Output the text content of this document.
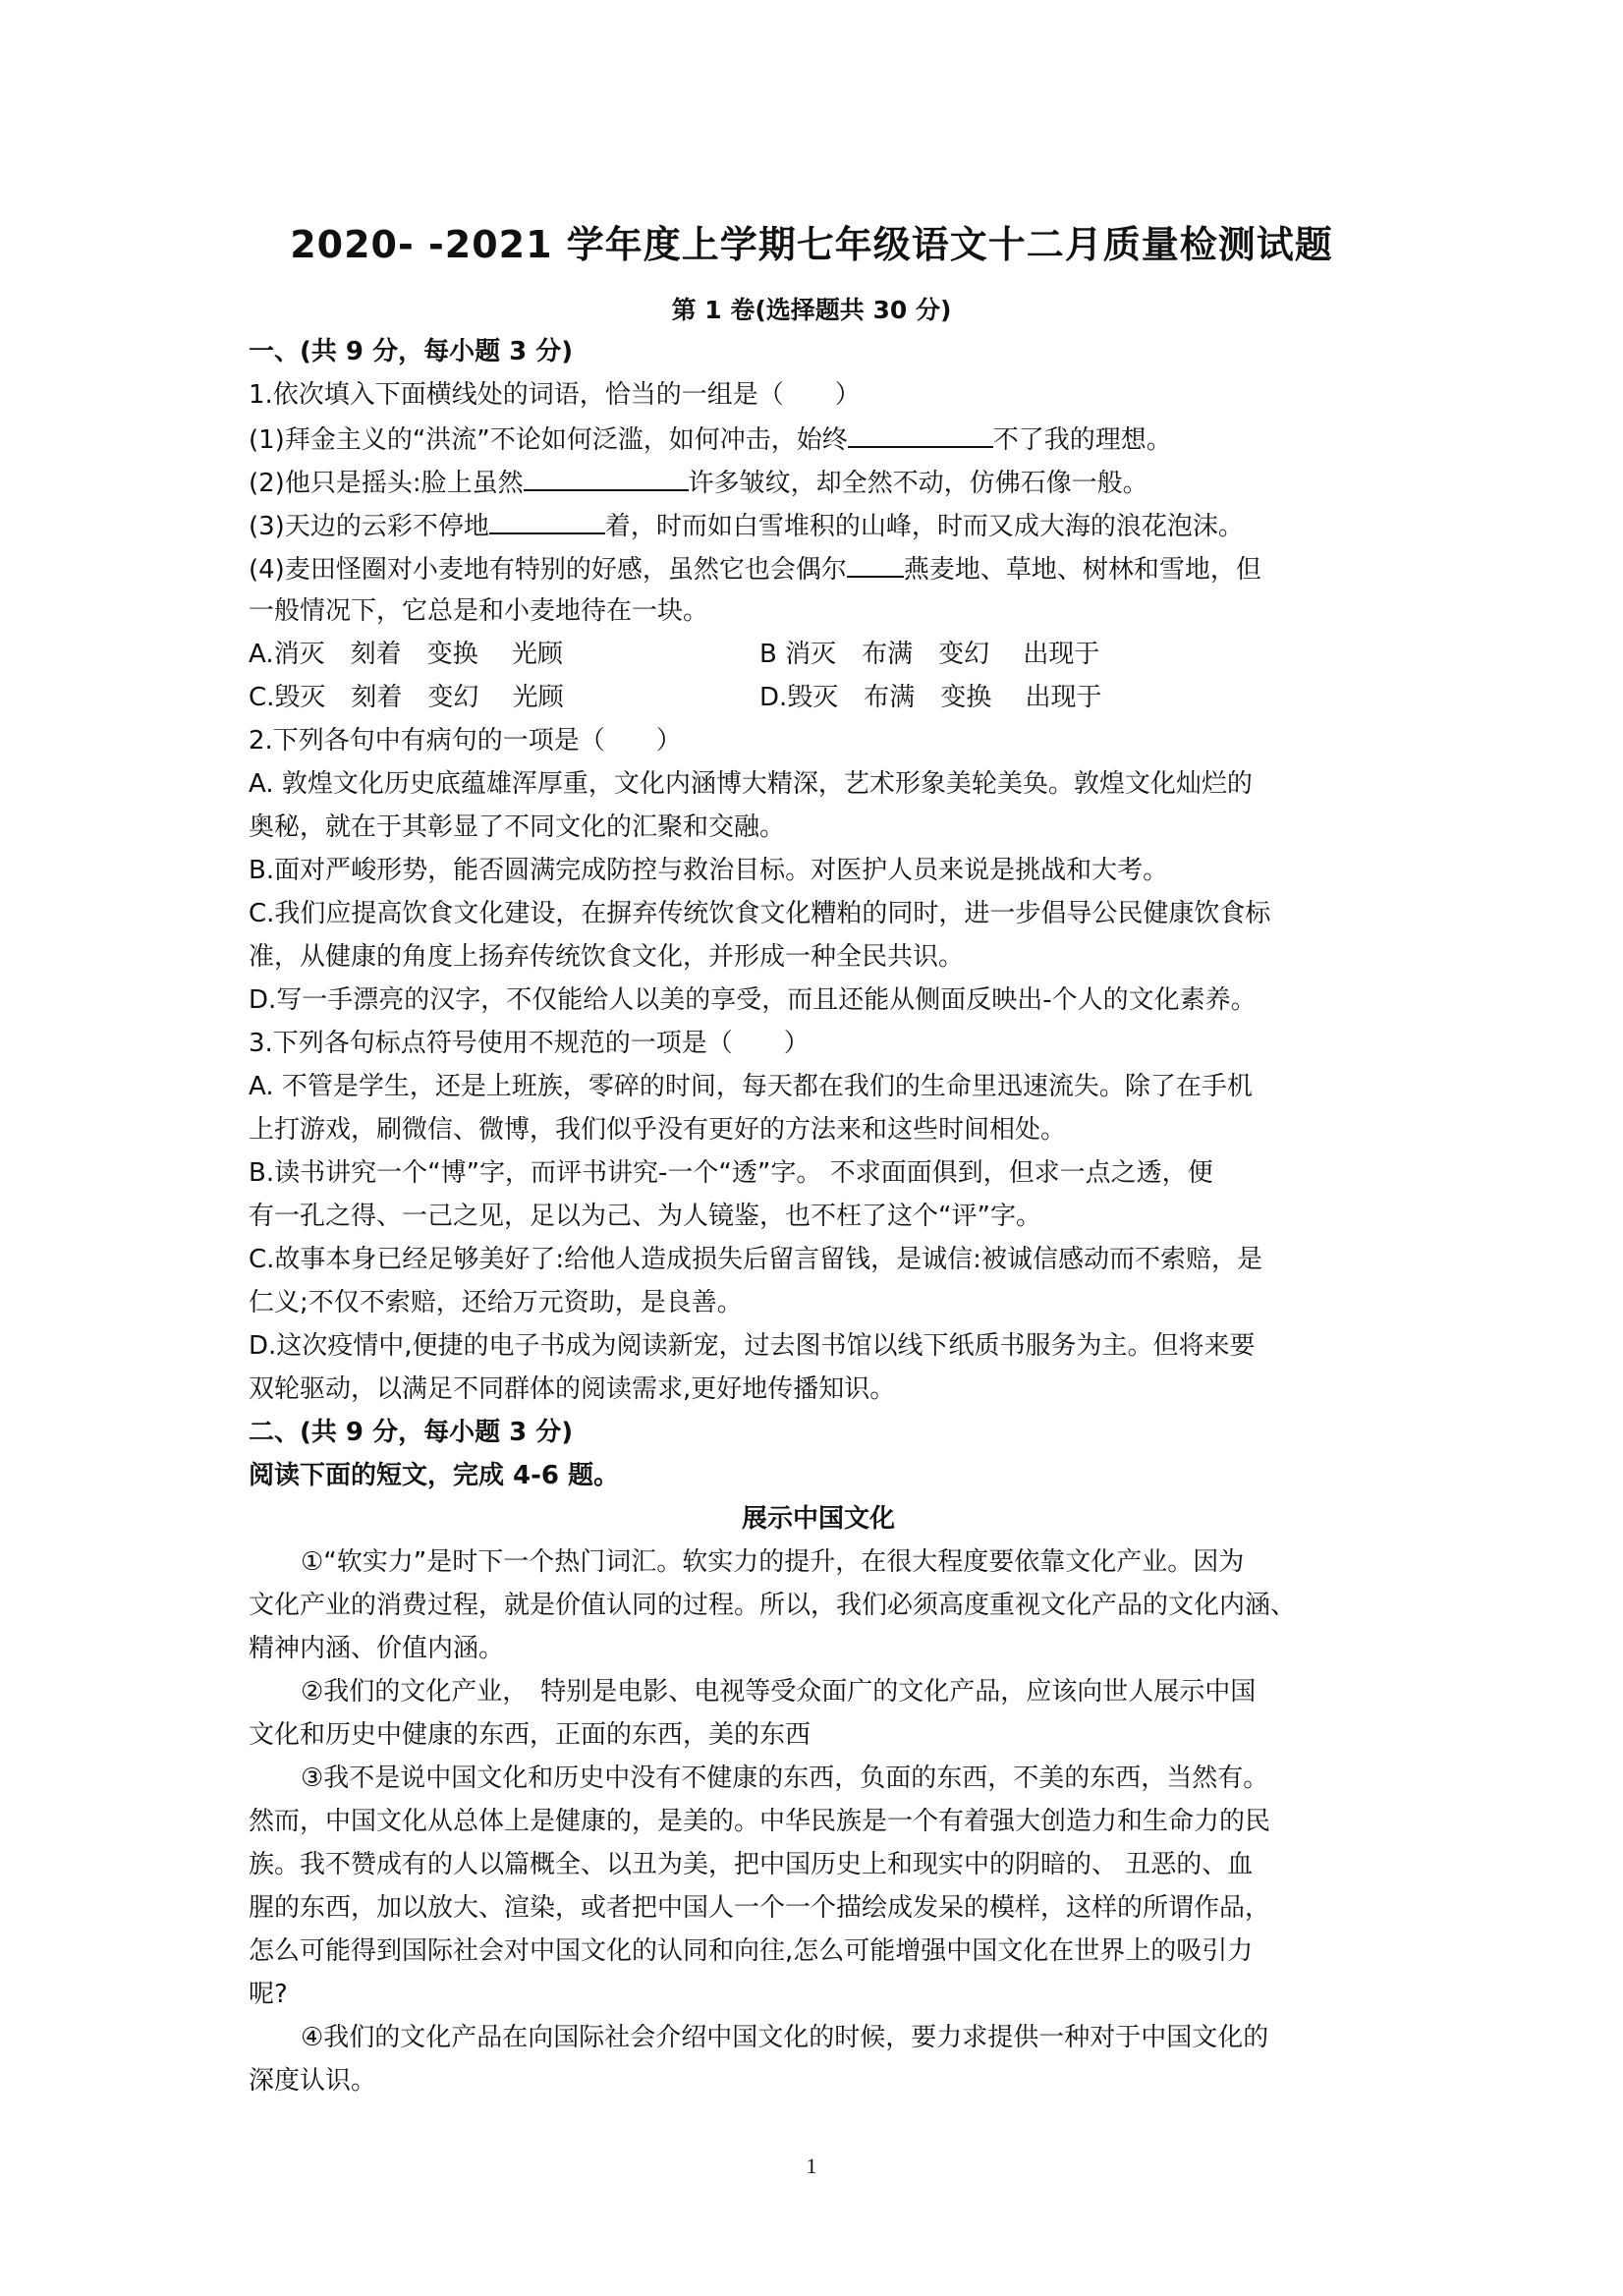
2020- -2021 学年度上学期七年级语文十二月质量检测试题
第 1 卷(选择题共 30 分)
一、(共 9 分，每小题 3 分)
1.依次填入下面横线处的词语，恰当的一组是（　　）
(1)拜金主义的“洪流”不论如何泛滥，如何冲击，始终	不了我的理想。
(2)他只是摇头:脸上虽然	许多皱纹，却全然不动，仿佛石像一般。
(3)天边的云彩不停地	着，时而如白雪堆积的山峰，时而又成大海的浪花泡沫。
(4)麦田怪圈对小麦地有特别的好感，虽然它也会偶尔 燕麦地、草地、树林和雪地，但
一般情况下，它总是和小麦地待在一块。
A.消灭　刻着　变换　 光顾	B 消灭　布满　变幻　 出现于
C.毁灭　刻着　变幻　 光顾	D.毁灭　布满　变换　 出现于
2.下列各句中有病句的一项是（　　）
A. 敦煌文化历史底蕴雄浑厚重，文化内涵博大精深，艺术形象美轮美奂。敦煌文化灿烂的
奥秘，就在于其彰显了不同文化的汇聚和交融。
B.面对严峻形势，能否圆满完成防控与救治目标。对医护人员来说是挑战和大考。
C.我们应提高饮食文化建设，在摒弃传统饮食文化糟粕的同时，进一步倡导公民健康饮食标
准，从健康的角度上扬弃传统饮食文化，并形成一种全民共识。
D.写一手漂亮的汉字，不仅能给人以美的享受，而且还能从侧面反映出-个人的文化素养。
3.下列各句标点符号使用不规范的一项是（　　）
A. 不管是学生，还是上班族，零碎的时间，每天都在我们的生命里迅速流失。除了在手机
上打游戏，刷微信、微博，我们似乎没有更好的方法来和这些时间相处。
B.读书讲究一个“博”字，而评书讲究-一个“透”字。 不求面面俱到，但求一点之透，便
有一孔之得、一己之见，足以为己、为人镜鉴，也不枉了这个“评”字。
C.故事本身已经足够美好了:给他人造成损失后留言留钱，是诚信:被诚信感动而不索赔，是
仁义;不仅不索赔，还给万元资助，是良善。
D.这次疫情中,便捷的电子书成为阅读新宠，过去图书馆以线下纸质书服务为主。但将来要
双轮驱动，以满足不同群体的阅读需求,更好地传播知识。
二、(共 9 分，每小题 3 分)
阅读下面的短文，完成 4-6 题。
展示中国文化
①“软实力”是时下一个热门词汇。软实力的提升，在很大程度要依靠文化产业。因为
文化产业的消费过程，就是价值认同的过程。所以，我们必须高度重视文化产品的文化内涵、
精神内涵、价值内涵。
②我们的文化产业，　特别是电影、电视等受众面广的文化产品，应该向世人展示中国
文化和历史中健康的东西，正面的东西，美的东西
③我不是说中国文化和历史中没有不健康的东西，负面的东西，不美的东西，当然有。
然而，中国文化从总体上是健康的，是美的。中华民族是一个有着强大创造力和生命力的民
族。我不赞成有的人以篇概全、以丑为美，把中国历史上和现实中的阴暗的、 丑恶的、血
腥的东西，加以放大、渲染，或者把中国人一个一个描绘成发呆的模样，这样的所谓作品，
怎么可能得到国际社会对中国文化的认同和向往,怎么可能增强中国文化在世界上的吸引力
呢?
④我们的文化产品在向国际社会介绍中国文化的时候，要力求提供一种对于中国文化的
深度认识。
1
